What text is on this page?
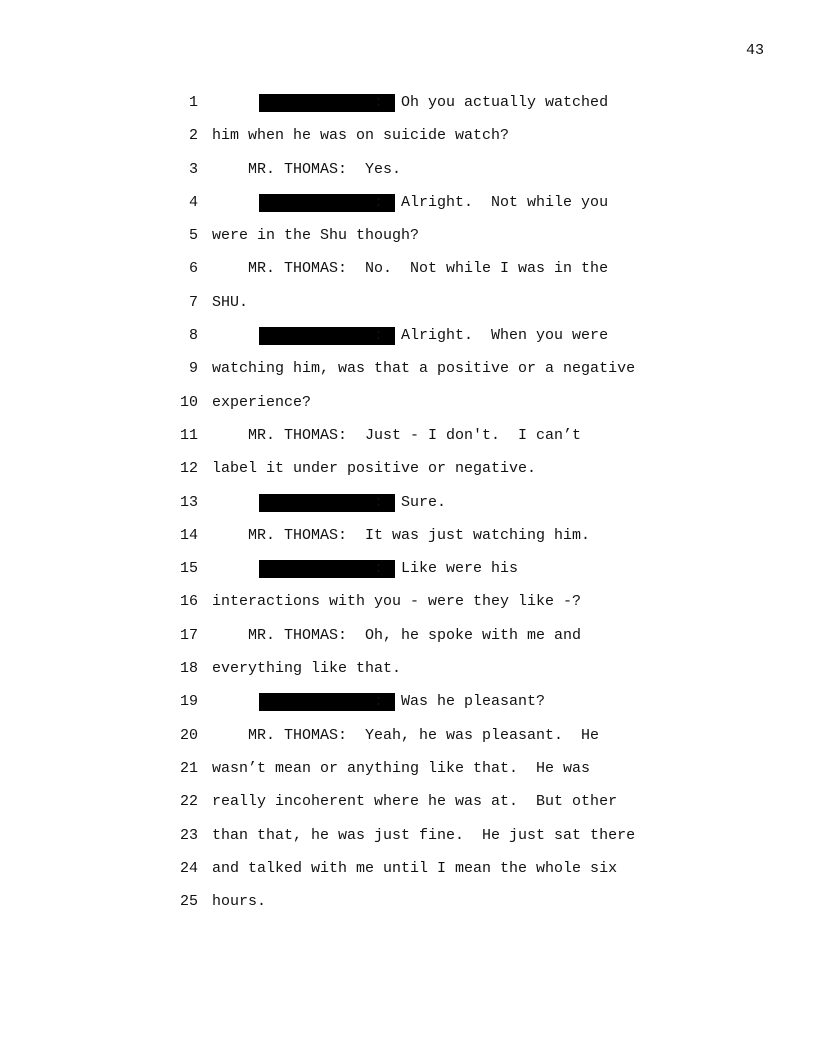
43
1 :  Oh you actually watched
2 him when he was on suicide watch?
3 MR. THOMAS:  Yes.
4 :  Alright.  Not while you
5 were in the Shu though?
6 MR. THOMAS:  No.  Not while I was in the
7 SHU.
8 :  Alright.  When you were
9 watching him, was that a positive or a negative
10 experience?
11 MR. THOMAS:  Just - I don't.  I can’t
12 label it under positive or negative.
13 :  Sure.
14 MR. THOMAS:  It was just watching him.
15 :  Like were his
16 interactions with you - were they like -?
17 MR. THOMAS:  Oh, he spoke with me and
18 everything like that.
19 :  Was he pleasant?
20 MR. THOMAS:  Yeah, he was pleasant.  He
21 wasn’t mean or anything like that.  He was
22 really incoherent where he was at.  But other
23 than that, he was just fine.  He just sat there
24 and talked with me until I mean the whole six
25 hours.
